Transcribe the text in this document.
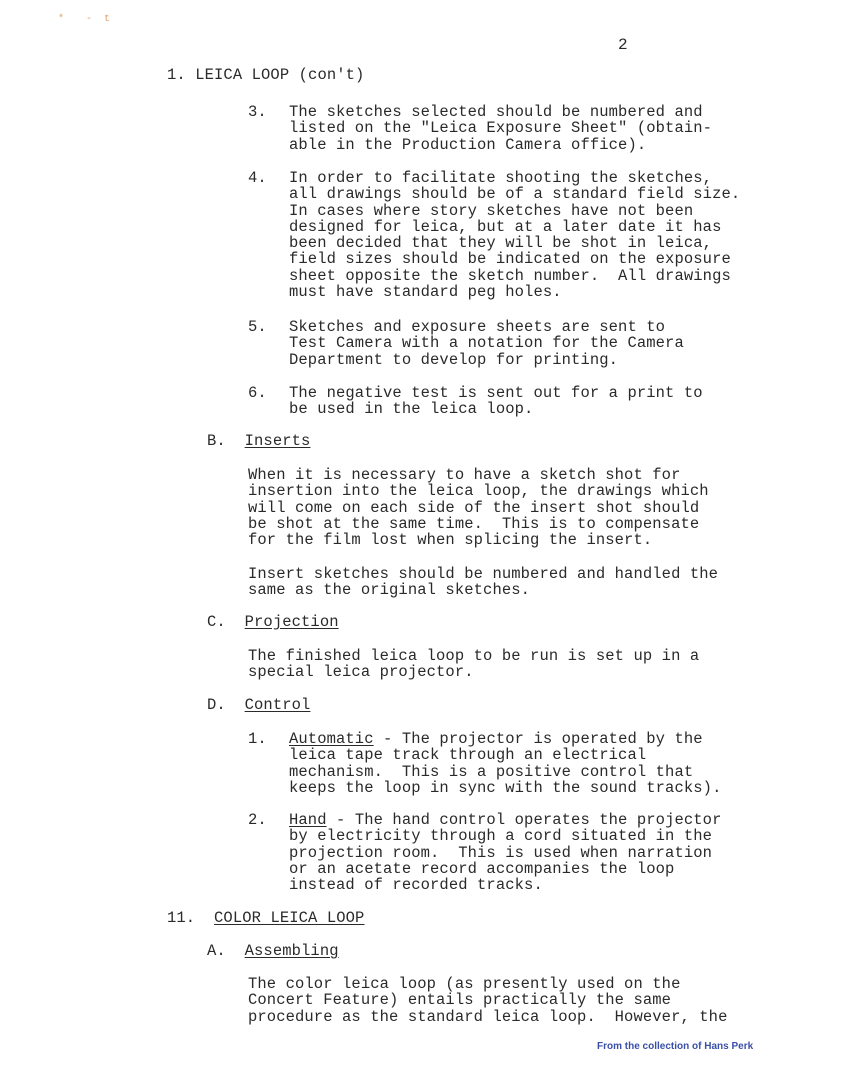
* - t
2
1. LEICA LOOP (con't)
3. The sketches selected should be numbered and
listed on the "Leica Exposure Sheet" (obtain-
able in the Production Camera office).
4. In order to facilitate shooting the sketches,
all drawings should be of a standard field size.
In cases where story sketches have not been
designed for leica, but at a later date it has
been decided that they will be shot in leica,
field sizes should be indicated on the exposure
sheet opposite the sketch number.  All drawings
must have standard peg holes.
5. Sketches and exposure sheets are sent to
Test Camera with a notation for the Camera
Department to develop for printing.
6. The negative test is sent out for a print to
be used in the leica loop.
B. Inserts
When it is necessary to have a sketch shot for
insertion into the leica loop, the drawings which
will come on each side of the insert shot should
be shot at the same time.  This is to compensate
for the film lost when splicing the insert.
Insert sketches should be numbered and handled the
same as the original sketches.
C. Projection
The finished leica loop to be run is set up in a
special leica projector.
D. Control
1. Automatic - The projector is operated by the
leica tape track through an electrical
mechanism.  This is a positive control that
keeps the loop in sync with the sound tracks).
2. Hand - The hand control operates the projector
by electricity through a cord situated in the
projection room.  This is used when narration
or an acetate record accompanies the loop
instead of recorded tracks.
11. COLOR LEICA LOOP
A. Assembling
The color leica loop (as presently used on the
Concert Feature) entails practically the same
procedure as the standard leica loop.  However, the
From the collection of Hans Perk
